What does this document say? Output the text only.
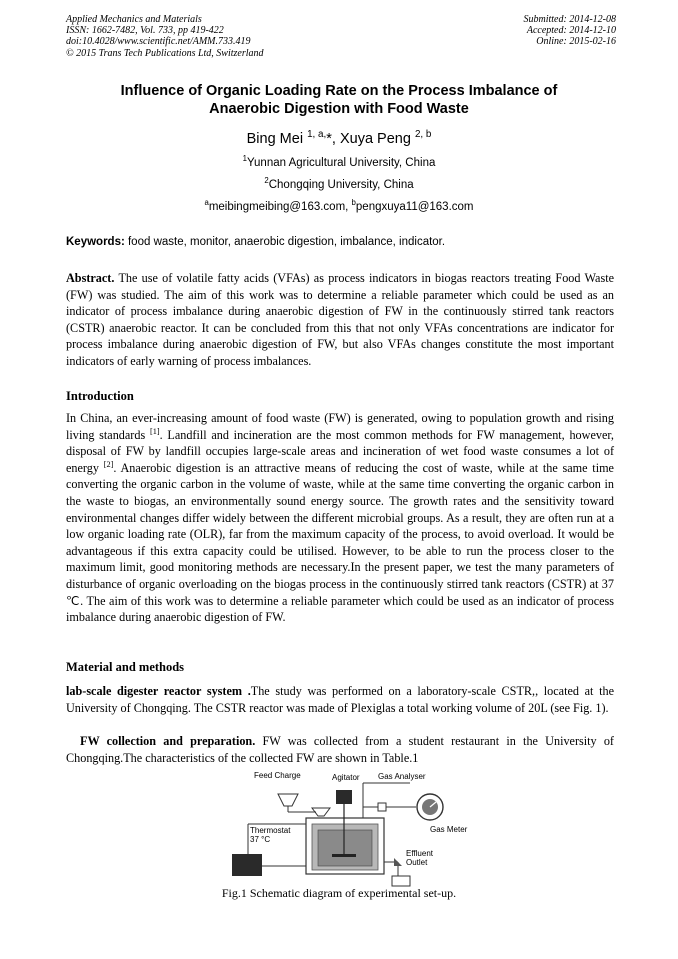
Applied Mechanics and Materials
ISSN: 1662-7482, Vol. 733, pp 419-422
doi:10.4028/www.scientific.net/AMM.733.419
© 2015 Trans Tech Publications Ltd, Switzerland
Submitted: 2014-12-08
Accepted: 2014-12-10
Online: 2015-02-16
Influence of Organic Loading Rate on the Process Imbalance of
Anaerobic Digestion with Food Waste
Bing Mei $^{1, a,}$*, Xuya Peng $^{2, b}$
$^1$Yunnan Agricultural University, China
$^2$Chongqing University, China
$^a$meibingmeibing@163.com, $^b$pengxuya11@163.com
Keywords: food waste, monitor, anaerobic digestion, imbalance, indicator.
Abstract. The use of volatile fatty acids (VFAs) as process indicators in biogas reactors treating Food Waste (FW) was studied. The aim of this work was to determine a reliable parameter which could be used as an indicator of process imbalance during anaerobic digestion of FW in the continuously stirred tank reactors (CSTR) anaerobic reactor. It can be concluded from this that not only VFAs concentrations are indicator for process imbalance during anaerobic digestion of FW, but also VFAs changes constitute the most important indicators of early warning of process imbalances.
Introduction
In China, an ever-increasing amount of food waste (FW) is generated, owing to population growth and rising living standards [1]. Landfill and incineration are the most common methods for FW management, however, disposal of FW by landfill occupies large-scale areas and incineration of wet food waste consumes a lot of energy [2]. Anaerobic digestion is an attractive means of reducing the cost of waste, while at the same time converting the organic carbon in the volume of waste, while at the same time converting the organic carbon in the waste to biogas, an environmentally sound energy source. The growth rates and the sensitivity toward environmental changes differ widely between the different microbial groups. As a result, they are often run at a low organic loading rate (OLR), far from the maximum capacity of the process, to avoid overload. It would be advantageous if this extra capacity could be utilised. However, to be able to run the process closer to the maximum limit, good monitoring methods are necessary.In the present paper, we test the many parameters of disturbance of organic overloading on the biogas process in the continuously stirred tank reactors (CSTR) at 37 ℃. The aim of this work was to determine a reliable parameter which could be used as an indicator of process imbalance during anaerobic digestion of FW.
Material and methods
lab-scale digester reactor system .The study was performed on a laboratory-scale CSTR,, located at the University of Chongqing. The CSTR reactor was made of Plexiglas a total working volume of 20L (see Fig. 1).
FW collection and preparation. FW was collected from a student restaurant in the University of Chongqing.The characteristics of the collected FW are shown in Table.1
Feed Charge	Agitator Gas Analyser
Gas Meter
Thermostat
37 °C
Effluent
Outlet
Fig.1 Schematic diagram of experimental set-up.
